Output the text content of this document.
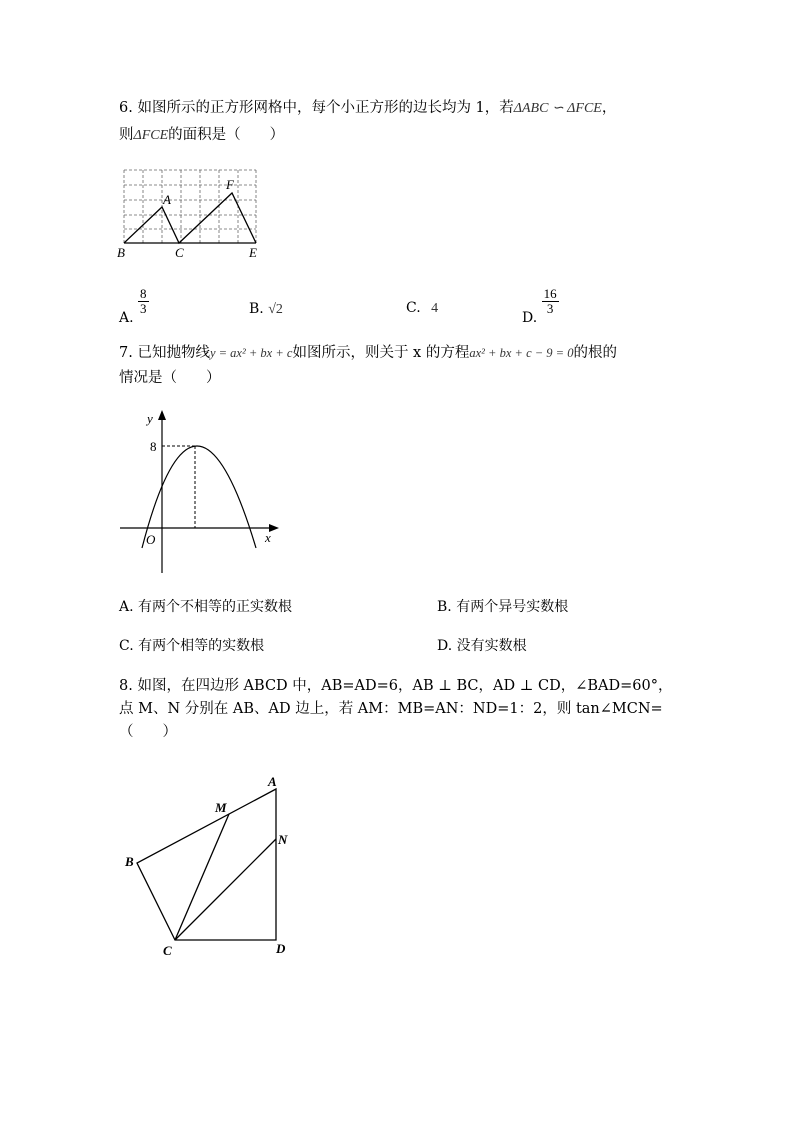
6. 如图所示的正方形网格中，每个小正方形的边长均为 1，若ΔABC ∽ ΔFCE，
则ΔFCE的面积是（　　）
B	C	E
A
F
A.
$\frac{8}{3}$	B. √2	C. 4
D.
$\frac{16}{3}$
7. 已知抛物线y = ax² + bx + c如图所示，则关于 x 的方程ax² + bx + c − 9 = 0的根的
情况是（　　）
y
x
O
8
A. 有两个不相等的正实数根	B. 有两个异号实数根
C. 有两个相等的实数根	D. 没有实数根
8. 如图，在四边形 ABCD 中，AB=AD=6，AB ⊥ BC，AD ⊥ CD，∠BAD=60°，
点 M、N 分别在 AB、AD 边上，若 AM：MB=AN：ND=1：2，则 tan∠MCN=
（　　）
A
B
C	D
M
N
